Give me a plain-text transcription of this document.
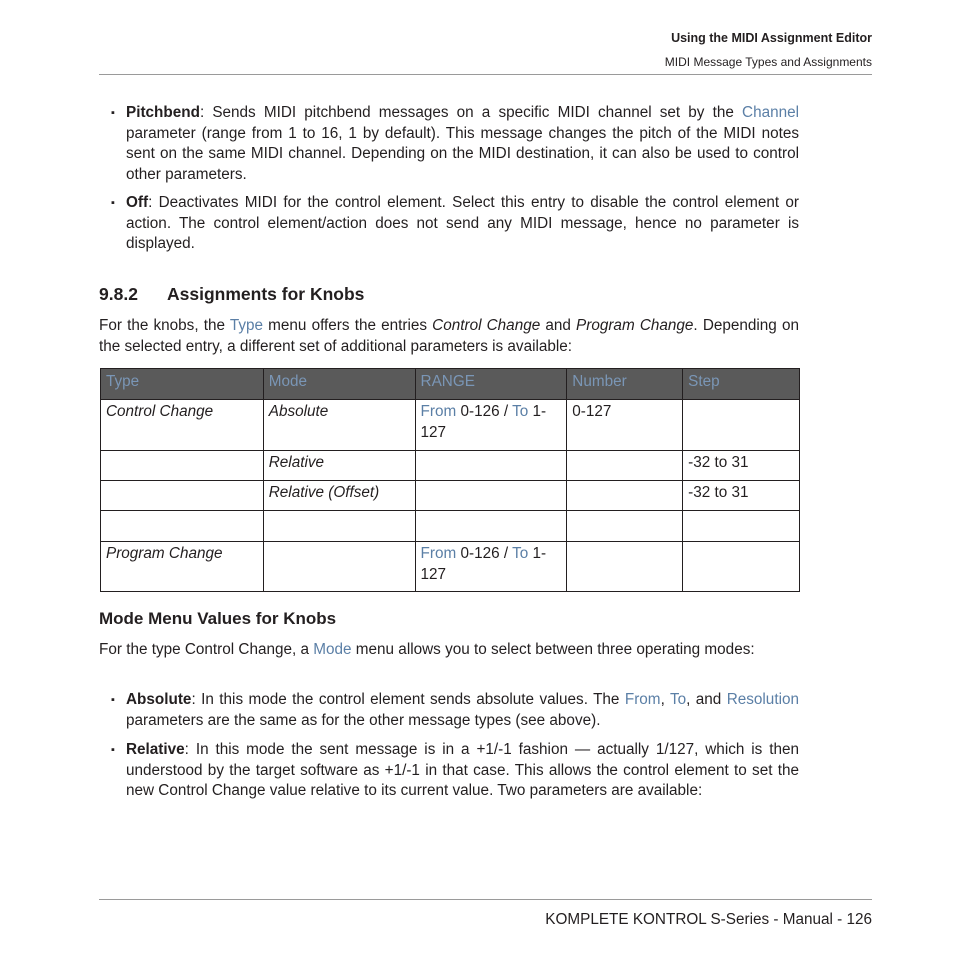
Using the MIDI Assignment Editor
MIDI Message Types and Assignments
▪ Pitchbend: Sends MIDI pitchbend messages on a specific MIDI channel set by the Channel parameter (range from 1 to 16, 1 by default). This message changes the pitch of the MIDI notes sent on the same MIDI channel. Depending on the MIDI destination, it can also be used to control other parameters.
▪ Off: Deactivates MIDI for the control element. Select this entry to disable the control element or action. The control element/action does not send any MIDI message, hence no parameter is displayed.
9.8.2 Assignments for Knobs
For the knobs, the Type menu offers the entries Control Change and Program Change. Depending on the selected entry, a different set of additional parameters is available:
Type	Mode	RANGE	Number	Step
Control Change	Absolute	From 0-126 / To 1-127	0-127	
	Relative			-32 to 31
	Relative (Offset)			-32 to 31

Program Change		From 0-126 / To 1-127		
Mode Menu Values for Knobs
For the type Control Change, a Mode menu allows you to select between three operating modes:
▪ Absolute: In this mode the control element sends absolute values. The From, To, and Resolution parameters are the same as for the other message types (see above).
▪ Relative: In this mode the sent message is in a +1/-1 fashion — actually 1/127, which is then understood by the target software as +1/-1 in that case. This allows the control element to set the new Control Change value relative to its current value. Two parameters are available:
KOMPLETE KONTROL S-Series - Manual - 126
